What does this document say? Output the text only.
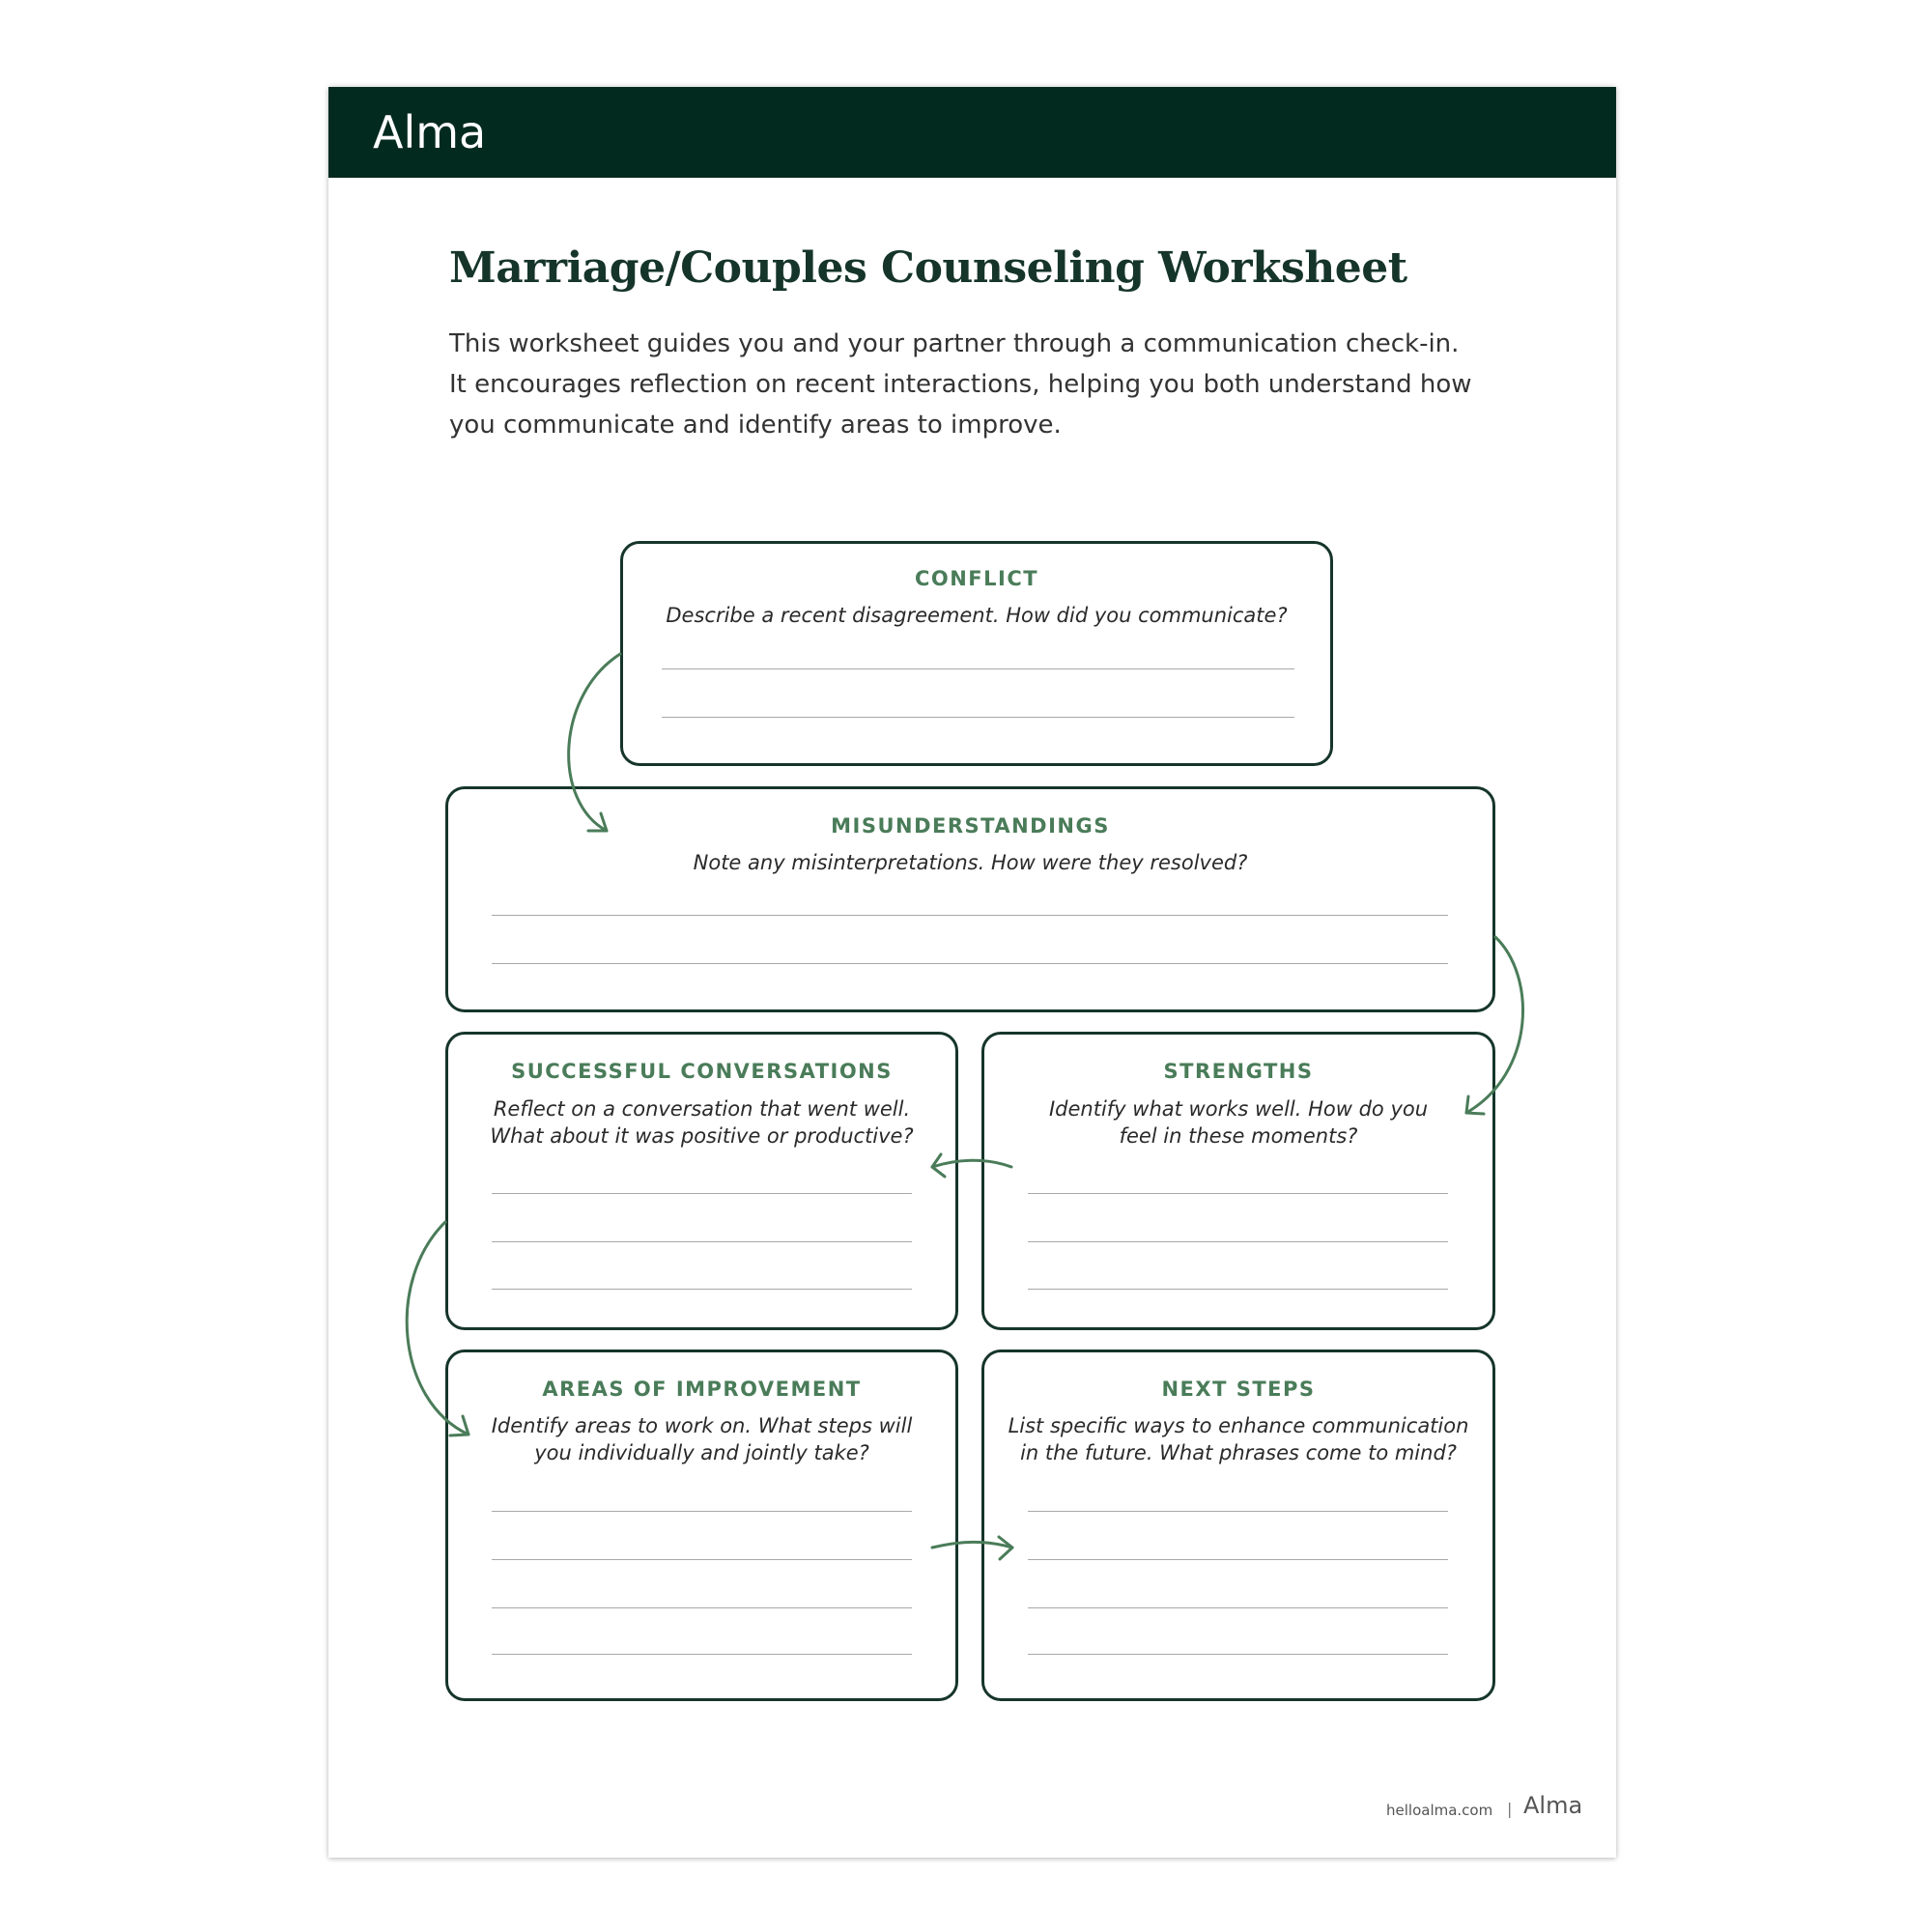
Alma
Marriage/Couples Counseling Worksheet
This worksheet guides you and your partner through a communication check-in.
It encourages reflection on recent interactions, helping you both understand how
you communicate and identify areas to improve.
CONFLICT
Describe a recent disagreement. How did you communicate?
MISUNDERSTANDINGS
Note any misinterpretations. How were they resolved?
SUCCESSFUL CONVERSATIONS
Reflect on a conversation that went well.
What about it was positive or productive?
STRENGTHS
Identify what works well. How do you
feel in these moments?
AREAS OF IMPROVEMENT
Identify areas to work on. What steps will
you individually and jointly take?
NEXT STEPS
List specific ways to enhance communication
in the future. What phrases come to mind?
helloalma.com | Alma
